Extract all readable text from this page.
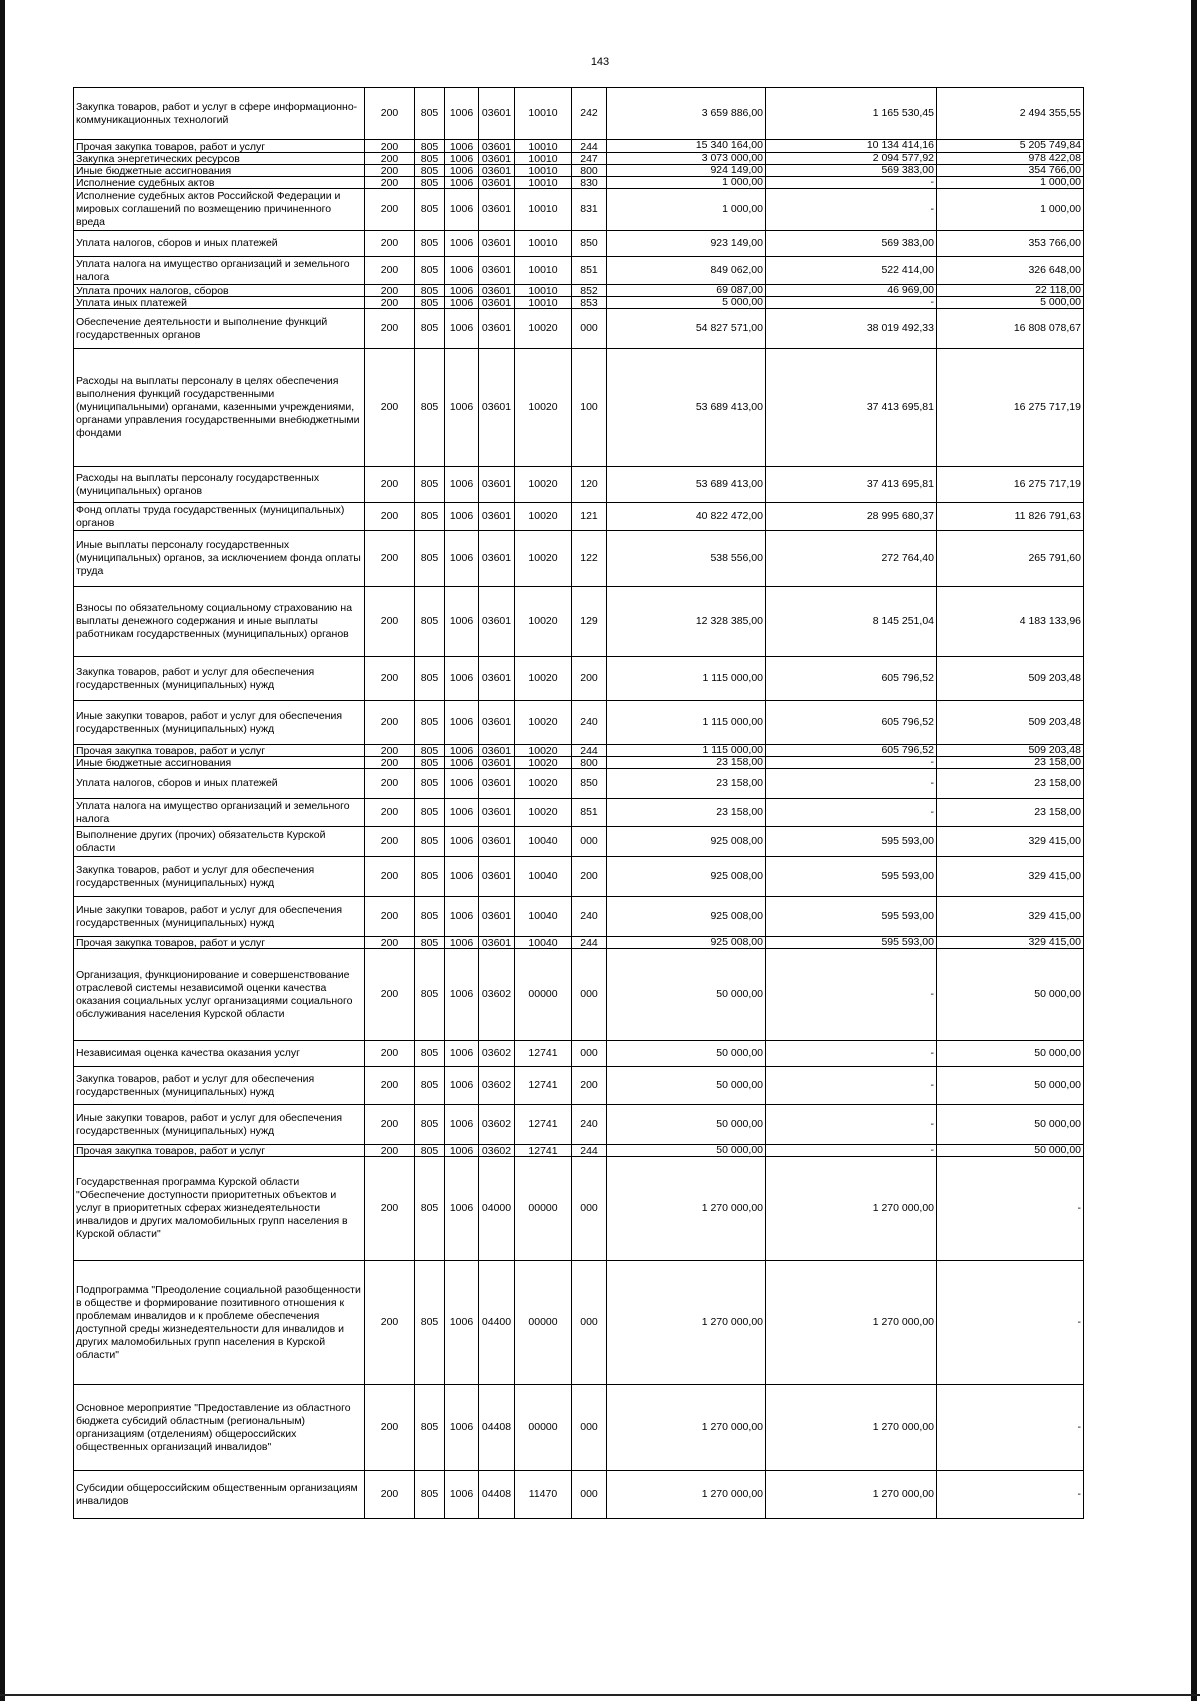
143
Закупка товаров, работ и услуг в сфере информационно-коммуникационных технологий	200	805	1006	03601	10010	242	3 659 886,00	1 165 530,45	2 494 355,55
Прочая закупка товаров, работ и услуг	200	805	1006	03601	10010	244	15 340 164,00	10 134 414,16	5 205 749,84
Закупка энергетических ресурсов	200	805	1006	03601	10010	247	3 073 000,00	2 094 577,92	978 422,08
Иные бюджетные ассигнования	200	805	1006	03601	10010	800	924 149,00	569 383,00	354 766,00
Исполнение судебных актов	200	805	1006	03601	10010	830	1 000,00	-	1 000,00
Исполнение судебных актов Российской Федерации и мировых соглашений по возмещению причиненного вреда	200	805	1006	03601	10010	831	1 000,00	-	1 000,00
Уплата налогов, сборов и иных платежей	200	805	1006	03601	10010	850	923 149,00	569 383,00	353 766,00
Уплата налога на имущество организаций и земельного налога	200	805	1006	03601	10010	851	849 062,00	522 414,00	326 648,00
Уплата прочих налогов, сборов	200	805	1006	03601	10010	852	69 087,00	46 969,00	22 118,00
Уплата иных платежей	200	805	1006	03601	10010	853	5 000,00	-	5 000,00
Обеспечение деятельности и выполнение функций государственных органов	200	805	1006	03601	10020	000	54 827 571,00	38 019 492,33	16 808 078,67
Расходы на выплаты персоналу в целях обеспечения выполнения функций государственными (муниципальными) органами, казенными учреждениями, органами управления государственными внебюджетными фондами	200	805	1006	03601	10020	100	53 689 413,00	37 413 695,81	16 275 717,19
Расходы на выплаты персоналу государственных (муниципальных) органов	200	805	1006	03601	10020	120	53 689 413,00	37 413 695,81	16 275 717,19
Фонд оплаты труда государственных (муниципальных) органов	200	805	1006	03601	10020	121	40 822 472,00	28 995 680,37	11 826 791,63
Иные выплаты персоналу государственных (муниципальных) органов, за исключением фонда оплаты труда	200	805	1006	03601	10020	122	538 556,00	272 764,40	265 791,60
Взносы по обязательному социальному страхованию на выплаты денежного содержания и иные выплаты работникам государственных (муниципальных) органов	200	805	1006	03601	10020	129	12 328 385,00	8 145 251,04	4 183 133,96
Закупка товаров, работ и услуг для обеспечения государственных (муниципальных) нужд	200	805	1006	03601	10020	200	1 115 000,00	605 796,52	509 203,48
Иные закупки товаров, работ и услуг для обеспечения государственных (муниципальных) нужд	200	805	1006	03601	10020	240	1 115 000,00	605 796,52	509 203,48
Прочая закупка товаров, работ и услуг	200	805	1006	03601	10020	244	1 115 000,00	605 796,52	509 203,48
Иные бюджетные ассигнования	200	805	1006	03601	10020	800	23 158,00	-	23 158,00
Уплата налогов, сборов и иных платежей	200	805	1006	03601	10020	850	23 158,00	-	23 158,00
Уплата налога на имущество организаций и земельного налога	200	805	1006	03601	10020	851	23 158,00	-	23 158,00
Выполнение других (прочих) обязательств Курской области	200	805	1006	03601	10040	000	925 008,00	595 593,00	329 415,00
Закупка товаров, работ и услуг для обеспечения государственных (муниципальных) нужд	200	805	1006	03601	10040	200	925 008,00	595 593,00	329 415,00
Иные закупки товаров, работ и услуг для обеспечения государственных (муниципальных) нужд	200	805	1006	03601	10040	240	925 008,00	595 593,00	329 415,00
Прочая закупка товаров, работ и услуг	200	805	1006	03601	10040	244	925 008,00	595 593,00	329 415,00
Организация, функционирование и совершенствование отраслевой системы независимой оценки качества оказания социальных услуг организациями социального обслуживания населения Курской области	200	805	1006	03602	00000	000	50 000,00	-	50 000,00
Независимая оценка качества оказания услуг	200	805	1006	03602	12741	000	50 000,00	-	50 000,00
Закупка товаров, работ и услуг для обеспечения государственных (муниципальных) нужд	200	805	1006	03602	12741	200	50 000,00	-	50 000,00
Иные закупки товаров, работ и услуг для обеспечения государственных (муниципальных) нужд	200	805	1006	03602	12741	240	50 000,00	-	50 000,00
Прочая закупка товаров, работ и услуг	200	805	1006	03602	12741	244	50 000,00	-	50 000,00
Государственная программа Курской области "Обеспечение доступности приоритетных объектов и услуг в приоритетных сферах жизнедеятельности инвалидов и других маломобильных групп населения в Курской области"	200	805	1006	04000	00000	000	1 270 000,00	1 270 000,00	-
Подпрограмма "Преодоление социальной разобщенности в обществе и формирование позитивного отношения к проблемам инвалидов и к проблеме обеспечения доступной среды жизнедеятельности для инвалидов и других маломобильных групп населения в Курской области"	200	805	1006	04400	00000	000	1 270 000,00	1 270 000,00	-
Основное мероприятие "Предоставление из областного бюджета субсидий областным (региональным) организациям (отделениям) общероссийских общественных организаций инвалидов"	200	805	1006	04408	00000	000	1 270 000,00	1 270 000,00	-
Субсидии общероссийским общественным организациям инвалидов	200	805	1006	04408	11470	000	1 270 000,00	1 270 000,00	-
